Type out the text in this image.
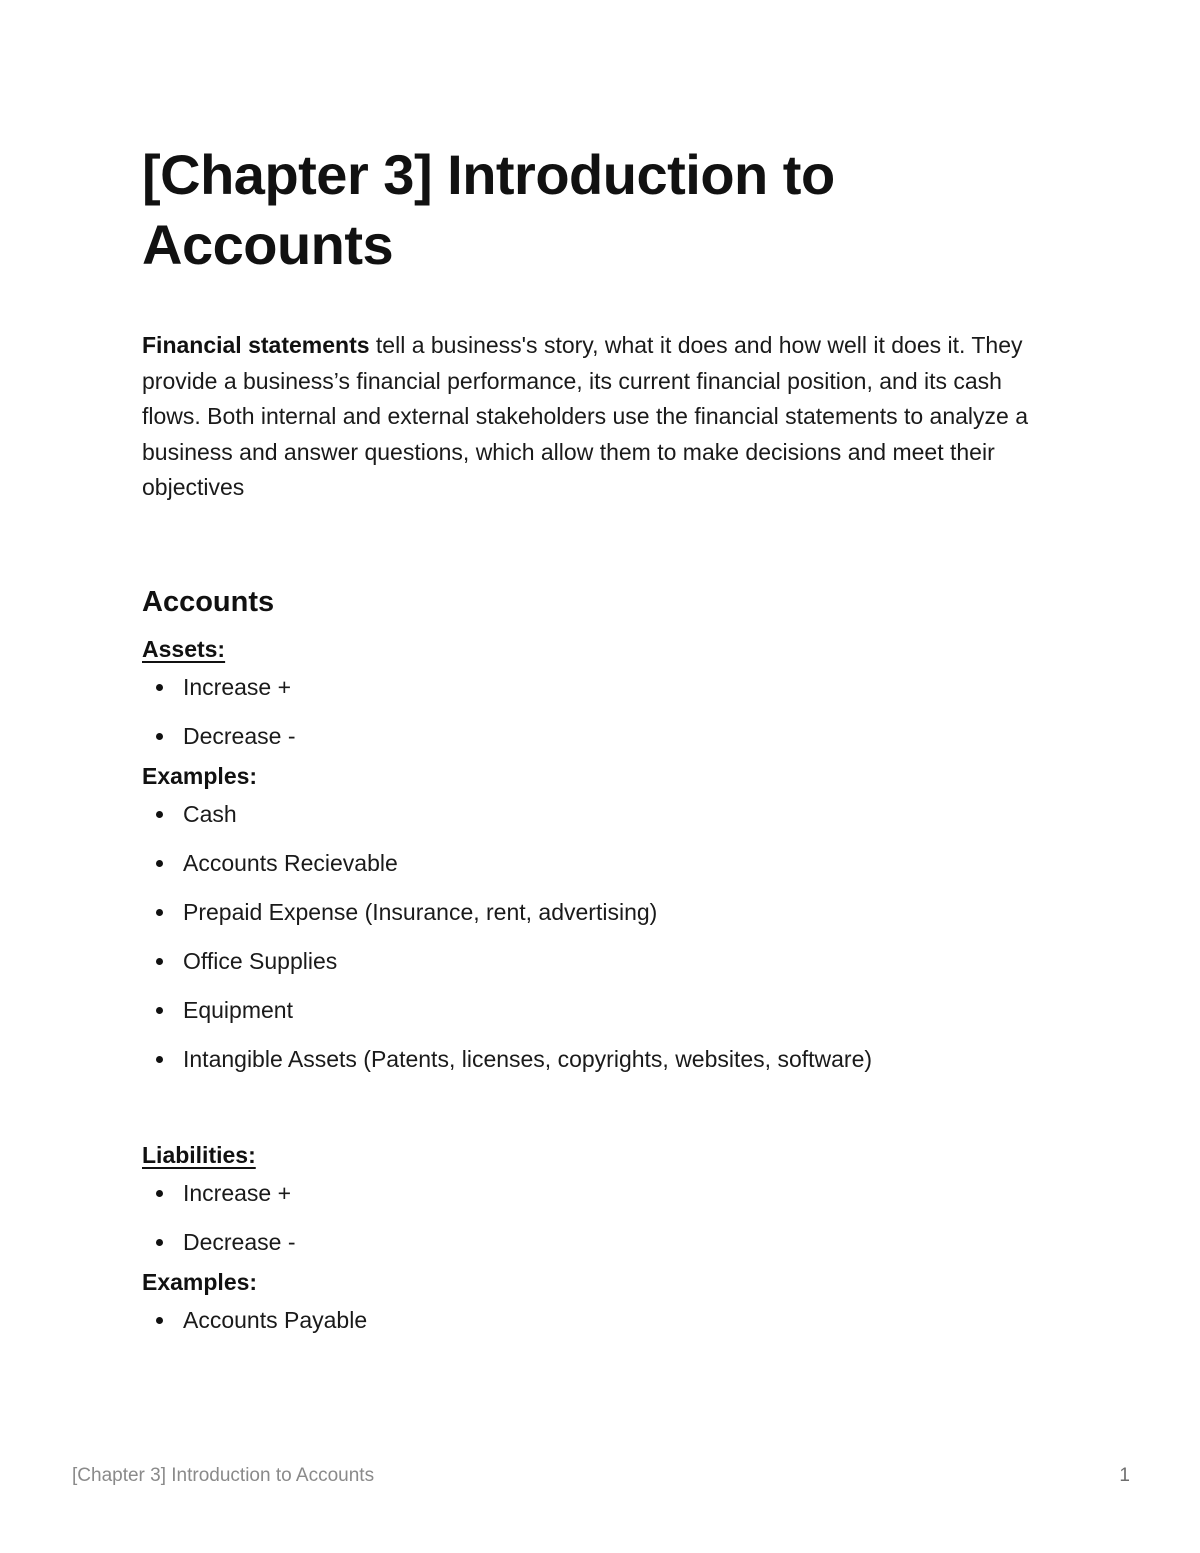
[Chapter 3] Introduction to Accounts

Financial statements tell a business's story, what it does and how well it does it. They provide a business’s financial performance, its current financial position, and its cash flows. Both internal and external stakeholders use the financial statements to analyze a business and answer questions, which allow them to make decisions and meet their objectives

Accounts
Assets:
Increase +
Decrease -
Examples:
Cash
Accounts Recievable
Prepaid Expense (Insurance, rent, advertising)
Office Supplies
Equipment
Intangible Assets (Patents, licenses, copyrights, websites, software)
Liabilities:
Increase +
Decrease -
Examples:
Accounts Payable

[Chapter 3] Introduction to Accounts	1
